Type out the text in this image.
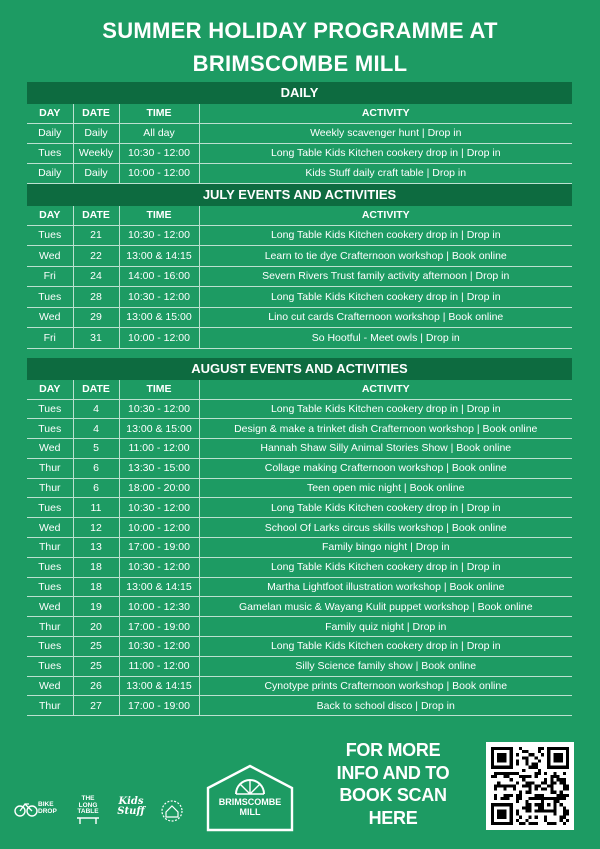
SUMMER HOLIDAY PROGRAMME AT
BRIMSCOMBE MILL
DAILY
DAY	DATE	TIME	ACTIVITY
Daily	Daily	All day	Weekly scavenger hunt | Drop in
Tues	Weekly	10:30 - 12:00	Long Table Kids Kitchen cookery drop in | Drop in
Daily	Daily	10:00 - 12:00	Kids Stuff daily craft table | Drop in
JULY EVENTS AND ACTIVITIES
DAY	DATE	TIME	ACTIVITY
Tues	21	10:30 - 12:00	Long Table Kids Kitchen cookery drop in | Drop in
Wed	22	13:00 & 14:15	Learn to tie dye Crafternoon workshop | Book online
Fri	24	14:00 - 16:00	Severn Rivers Trust family activity afternoon | Drop in
Tues	28	10:30 - 12:00	Long Table Kids Kitchen cookery drop in | Drop in
Wed	29	13:00 & 15:00	Lino cut cards Crafternoon workshop | Book online
Fri	31	10:00 - 12:00	So Hootful - Meet owls | Drop in
AUGUST EVENTS AND ACTIVITIES
DAY	DATE	TIME	ACTIVITY
Tues	4	10:30 - 12:00	Long Table Kids Kitchen cookery drop in | Drop in
Tues	4	13:00 & 15:00	Design & make a trinket dish Crafternoon workshop | Book online
Wed	5	11:00 - 12:00	Hannah Shaw Silly Animal Stories Show | Book online
Thur	6	13:30 - 15:00	Collage making Crafternoon workshop | Book online
Thur	6	18:00 - 20:00	Teen open mic night | Book online
Tues	11	10:30 - 12:00	Long Table Kids Kitchen cookery drop in | Drop in
Wed	12	10:00 - 12:00	School Of Larks circus skills workshop | Book online
Thur	13	17:00 - 19:00	Family bingo night | Drop in
Tues	18	10:30 - 12:00	Long Table Kids Kitchen cookery drop in | Drop in
Tues	18	13:00 & 14:15	Martha Lightfoot illustration workshop | Book online
Wed	19	10:00 - 12:30	Gamelan music & Wayang Kulit puppet workshop | Book online
Thur	20	17:00 - 19:00	Family quiz night | Drop in
Tues	25	10:30 - 12:00	Long Table Kids Kitchen cookery drop in | Drop in
Tues	25	11:00 - 12:00	Silly Science family show | Book online
Wed	26	13:00 & 14:15	Cynotype prints Crafternoon workshop | Book online
Thur	27	17:00 - 19:00	Back to school disco | Drop in
BIKE DROP
THE LONG TABLE
Kids Stuff
BRIMSCOMBE
MILL
FOR MORE
INFO AND TO
BOOK SCAN
HERE
